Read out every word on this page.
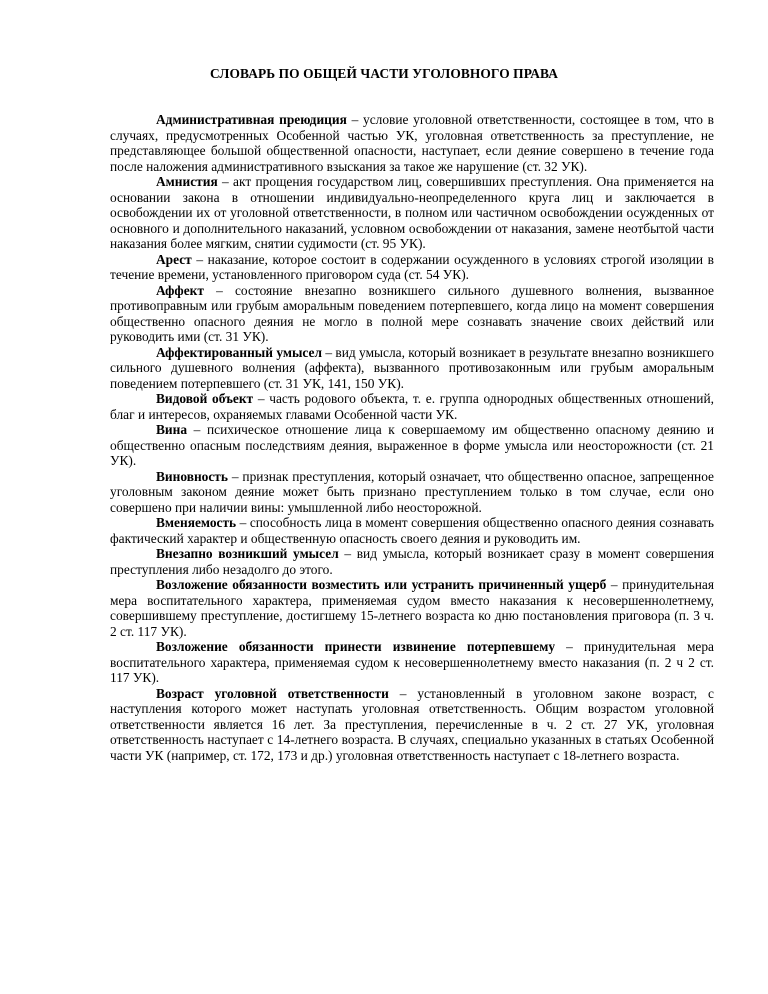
СЛОВАРЬ ПО ОБЩЕЙ ЧАСТИ УГОЛОВНОГО ПРАВА

Административная преюдиция – условие уголовной ответственности, состоящее в том, что в случаях, предусмотренных Особенной частью УК, уголовная ответственность за преступление, не представляющее большой общественной опасности, наступает, если деяние совершено в течение года после наложения административного взыскания за такое же нарушение (ст. 32 УК).

Амнистия – акт прощения государством лиц, совершивших преступления. Она применяется на основании закона в отношении индивидуально-неопределенного круга лиц и заключается в освобождении их от уголовной ответственности, в полном или частичном освобождении осужденных от основного и дополнительного наказаний, условном освобождении от наказания, замене неотбытой части наказания более мягким, снятии судимости (ст. 95 УК).

Арест – наказание, которое состоит в содержании осужденного в условиях строгой изоляции в течение времени, установленного приговором суда (ст. 54 УК).

Аффект – состояние внезапно возникшего сильного душевного волнения, вызванное противоправным или грубым аморальным поведением потерпевшего, когда лицо на момент совершения общественно опасного деяния не могло в полной мере сознавать значение своих действий или руководить ими (ст. 31 УК).

Аффектированный умысел – вид умысла, который возникает в результате внезапно возникшего сильного душевного волнения (аффекта), вызванного противозаконным или грубым аморальным поведением потерпевшего (ст. 31 УК, 141, 150 УК).

Видовой объект – часть родового объекта, т. е. группа однородных общественных отношений, благ и интересов, охраняемых главами Особенной части УК.

Вина – психическое отношение лица к совершаемому им общественно опасному деянию и общественно опасным последствиям деяния, выраженное в форме умысла или неосторожности (ст. 21 УК).

Виновность – признак преступления, который означает, что общественно опасное, запрещенное уголовным законом деяние может быть признано преступлением только в том случае, если оно совершено при наличии вины: умышленной либо неосторожной.

Вменяемость – способность лица в момент совершения общественно опасного деяния сознавать фактический характер и общественную опасность своего деяния и руководить им.

Внезапно возникший умысел – вид умысла, который возникает сразу в момент совершения преступления либо незадолго до этого.

Возложение обязанности возместить или устранить причиненный ущерб – принудительная мера воспитательного характера, применяемая судом вместо наказания к несовершеннолетнему, совершившему преступление, достигшему 15-летнего возраста ко дню постановления приговора (п. 3 ч. 2 ст. 117 УК).

Возложение обязанности принести извинение потерпевшему – принудительная мера воспитательного характера, применяемая судом к несовершеннолетнему вместо наказания (п. 2 ч 2 ст. 117 УК).

Возраст уголовной ответственности – установленный в уголовном законе возраст, с наступления которого может наступать уголовная ответственность. Общим возрастом уголовной ответственности является 16 лет. За преступления, перечисленные в ч. 2 ст. 27 УК, уголовная ответственность наступает с 14-летнего возраста. В случаях, специально указанных в статьях Особенной части УК (например, ст. 172, 173 и др.) уголовная ответственность наступает с 18-летнего возраста.
